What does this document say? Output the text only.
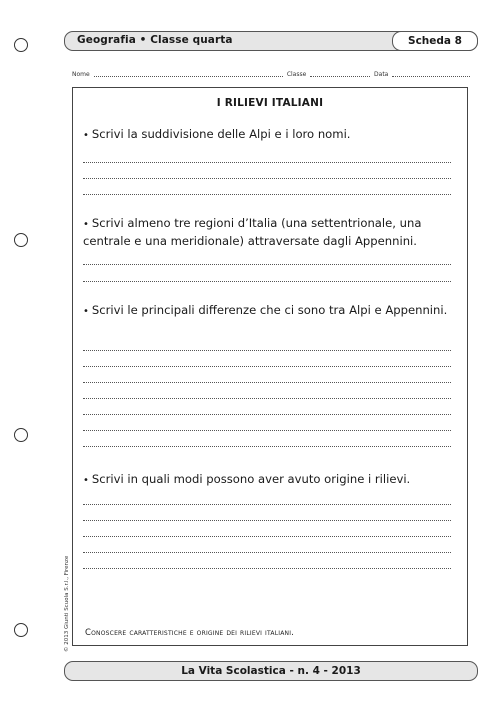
Geografia • Classe quarta	Scheda 8
Nome	Classe	Data
I RILIEVI ITALIANI
• Scrivi la suddivisione delle Alpi e i loro nomi.
• Scrivi almeno tre regioni d’Italia (una settentrionale, una centrale e una meridionale) attraversate dagli Appennini.
• Scrivi le principali differenze che ci sono tra Alpi e Appennini.
• Scrivi in quali modi possono aver avuto origine i rilievi.
Conoscere caratteristiche e origine dei rilievi italiani.
© 2013 Giunti Scuola S.r.l., Firenze
La Vita Scolastica - n. 4 - 2013
